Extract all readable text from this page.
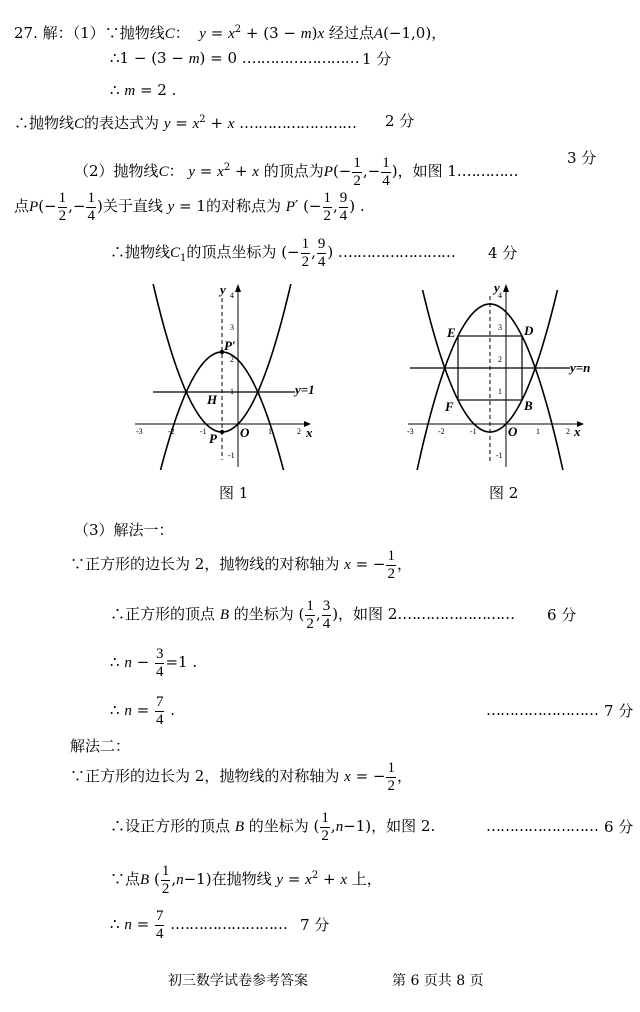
27. 解：（1）∵抛物线C：  $y = x^2 + (3 - m)x$ 经过点A(−1,0)，
∴1 − (3 − m) = 0 .…………………… 1 分
∴ m = 2 .
∴抛物线C的表达式为 $y = x^2 + x$ .…………………… 2 分
（2）抛物线C： $y = x^2 + x$ 的顶点为$P(- \frac{1}{2}$ ,− $\frac{1}{4}$ )，如图 1.…………
3 分
点$P(- \frac{1}{2}$ ,− $\frac{1}{4}$ )关于直线 y = 1的对称点为 P′ (− $\frac{1}{2}$ , $\frac{9}{4}$ ) .
∴抛物线$C_1$的顶点坐标为 (− $\frac{1}{2}$ , $\frac{9}{4}$ ) .…………………… 4 分
-3	-2	-1	1	2
4
3
2
1
-1
y
x
O
P
P′
H
y=1
图 1
-3	-2	-1	1	2
4
3
2
1
-1
y
x
O
E	D
F	B
y=n
图 2
（3）解法一：
∵正方形的边长为 2，抛物线的对称轴为 x = − $\frac{1}{2}$ ，
∴正方形的顶点 B 的坐标为 ( $\frac{1}{2}$ , $\frac{3}{4}$ )，如图 2.…………………… 6 分
∴ $n - \frac{3}{4} =1$ .
∴ $n = \frac{7}{4}$ .	…………………… 7 分
解法二：
∵正方形的边长为 2，抛物线的对称轴为 x = − $\frac{1}{2}$ ，
∴设正方形的顶点 B 的坐标为 ( $\frac{1}{2} ,n-1$)，如图 2.	…………………… 6 分
∵点B ( $\frac{1}{2} ,n-1$)在抛物线 $y = x^2 + x$ 上，
∴ $n = \frac{7}{4}$ .…………………… 7 分
初三数学试卷参考答案	第 6 页共 8 页
